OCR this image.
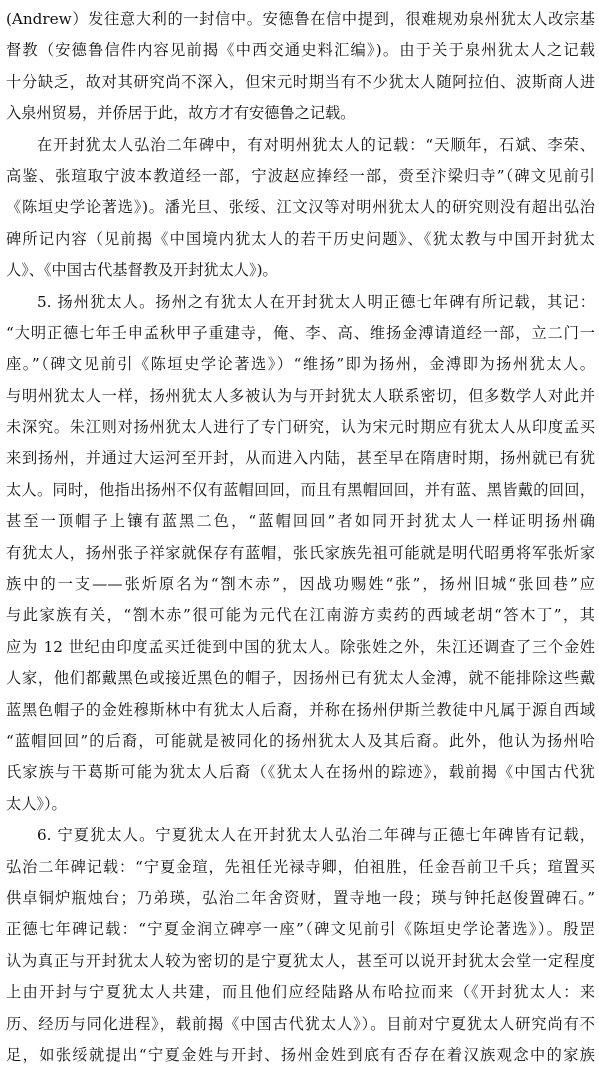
(Andrew）发往意大利的一封信中。安德鲁在信中提到，很难规劝泉州犹太人改宗基
督教（安德鲁信件内容见前揭《中西交通史料汇编》)。由于关于泉州犹太人之记载
十分缺乏，故对其研究尚不深入，但宋元时期当有不少犹太人随阿拉伯、波斯商人进
入泉州贸易，并侨居于此，故方才有安德鲁之记载。
在开封犹太人弘治二年碑中，有对明州犹太人的记载：“天顺年，石斌、李荣、
高鉴、张瑄取宁波本教道经一部，宁波赵应捧经一部，赍至汴梁归寺”（碑文见前引
《陈垣史学论著选》)。潘光旦、张绥、江文汉等对明州犹太人的研究则没有超出弘治
碑所记内容（见前揭《中国境内犹太人的若干历史问题》、《犹太教与中国开封犹太
人》、《中国古代基督教及开封犹太人》)。
5. 扬州犹太人。扬州之有犹太人在开封犹太人明正德七年碑有所记载，其记：
“大明正德七年壬申孟秋甲子重建寺，俺、李、高、维扬金溥请道经一部，立二门一
座。”（碑文见前引《陈垣史学论著选》）“维扬”即为扬州，金溥即为扬州犹太人。
与明州犹太人一样，扬州犹太人多被认为与开封犹太人联系密切，但多数学人对此并
未深究。朱江则对扬州犹太人进行了专门研究，认为宋元时期应有犹太人从印度孟买
来到扬州，并通过大运河至开封，从而进入内陆，甚至早在隋唐时期，扬州就已有犹
太人。同时，他指出扬州不仅有蓝帽回回，而且有黑帽回回，并有蓝、黑皆戴的回回，
甚至一顶帽子上镶有蓝黑二色，“蓝帽回回”者如同开封犹太人一样证明扬州确
有犹太人，扬州张子祥家就保存有蓝帽，张氏家族先祖可能就是明代昭勇将军张炘家
族中的一支——张炘原名为“劄木赤”，因战功赐姓“张”，扬州旧城“张回巷”应
与此家族有关，“劄木赤”很可能为元代在江南游方卖药的西域老胡“答木丁”，其
应为 12 世纪由印度孟买迁徙到中国的犹太人。除张姓之外，朱江还调查了三个金姓
人家，他们都戴黑色或接近黑色的帽子，因扬州已有犹太人金溥，就不能排除这些戴
蓝黑色帽子的金姓穆斯林中有犹太人后裔，并称在扬州伊斯兰教徒中凡属于源自西域
“蓝帽回回”的后裔，可能就是被同化的扬州犹太人及其后裔。此外，他认为扬州哈
氏家族与干葛斯可能为犹太人后裔（《犹太人在扬州的踪迹》，载前揭《中国古代犹
太人》）。
6. 宁夏犹太人。宁夏犹太人在开封犹太人弘治二年碑与正德七年碑皆有记载，
弘治二年碑记载：“宁夏金瑄，先祖任光禄寺卿，伯祖胜，任金吾前卫千兵；瑄置买
供卓铜炉瓶烛台；乃弟瑛，弘治二年舍资财，置寺地一段；瑛与钟托赵俊置碑石。”
正德七年碑记载：“宁夏金润立碑亭一座”（碑文见前引《陈垣史学论著选》）。殷罡
认为真正与开封犹太人较为密切的是宁夏犹太人，甚至可以说开封犹太会堂一定程度
上由开封与宁夏犹太人共建，而且他们应经陆路从布哈拉而来（《开封犹太人：来
历、经历与同化进程》，载前揭《中国古代犹太人》）。目前对宁夏犹太人研究尚有不
足，如张绥就提出“宁夏金姓与开封、扬州金姓到底有否存在着汉族观念中的家族
